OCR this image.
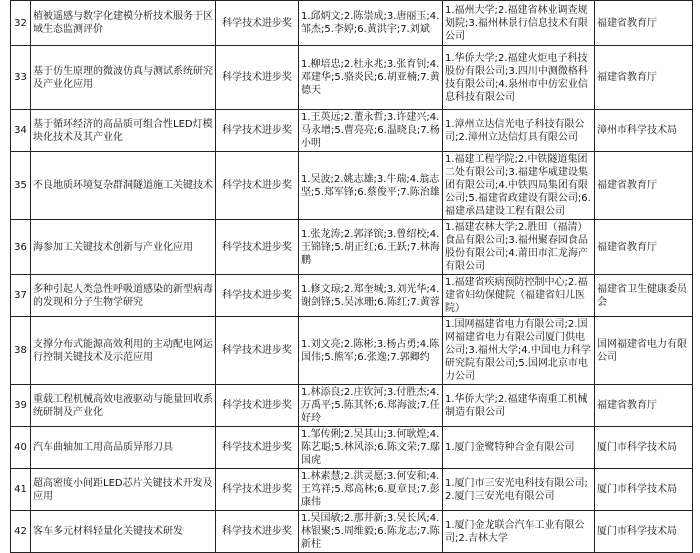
32	植被遥感与数字化建模分析技术服务于区域生态监测评价	科学技术进步奖	1.邱炳文;2.陈崇成;3.唐丽玉;4.邹杰;5.李婷;6.黄洪宇;7.刘斌	1.福州大学;2.福建省林业调查规划院;3.福州林景行信息技术有限公司	福建省教育厅
33	基于仿生原理的微波仿真与测试系统研究及产业化应用	科学技术进步奖	1.柳培忠;2.杜永兆;3.张育钊;4.邓建华;5.骆炎民;6.胡亚楠;7.黄德天	1.华侨大学;2.福建火炬电子科技股份有限公司;3.四川中测微格科技有限公司;4.泉州市中仿宏业信息科技有限公司	福建省教育厅
34	基于循环经济的高品质可组合性LED灯模块化技术及其产业化	科学技术进步奖	1.王英远;2.董永哲;3.许建兴;4.马永增;5.曹亮亮;6.温晓良;7.杨小明	1.漳州立达信光电子科技有限公司;2.漳州立达信灯具有限公司	漳州市科学技术局
35	不良地质环境复杂群洞隧道施工关键技术	科学技术进步奖	1.吴波;2.姚志雄;3.牛瑞;4.翁志坚;5.郑军锋;6.蔡俊平;7.陈治雄	1.福建工程学院;2.中铁隧道集团二处有限公司;3.福建华威建设集团有限公司;4.中铁四局集团有限公司;5.福建省政建设有限公司;6.福建承昌建设工程有限公司	福建省教育厅
36	海参加工关键技术创新与产业化应用	科学技术进步奖	1.张龙涛;2.郭泽镔;3.曾绍校;4.王锦锋;5.胡正红;6.王跃;7.林海鹏	1.福建农林大学;2.胜田（福清）食品有限公司;3.福州聚春园食品股份有限公司;4.莆田市汇龙海产有限公司	福建省教育厅
37	多种引起人类急性呼吸道感染的新型病毒的发现和分子生物学研究	科学技术进步奖	1.修文琼;2.郑奎城;3.刘光华;4.谢剑锋;5.吴冰珊;6.陈红;7.黄蓉	1.福建省疾病预防控制中心;2.福建省妇幼保健院（福建省妇儿医院）	福建省卫生健康委员会
38	支撑分布式能源高效利用的主动配电网运行控制关键技术及示范应用	科学技术进步奖	1.刘文亮;2.陈彬;3.杨占勇;4.陈国伟;5.熊军;6.张逸;7.郭卿约	1.国网福建省电力有限公司;2.国网福建省电力有限公司厦门供电公司;3.福州大学;4.中国电力科学研究院有限公司;5.国网北京市电力公司	国网福建省电力有限公司
39	重载工程机械高效电液驱动与能量回收系统研制及产业化	科学技术进步奖	1.林添良;2.庄钦河;3.付胜杰;4.万禹平;5.陈其怀;6.郑海波;7.任好玲	1.华侨大学;2.福建华南重工机械制造有限公司	福建省教育厅
40	汽车曲轴加工用高品质异形刀具	科学技术进步奖	1.邹传俐;2.吴其山;3.何耿煌;4.陈艺聪;5.林风添;6.陈文荣;7.鄢国虎	1.厦门金鹭特种合金有限公司	厦门市科学技术局
41	超高密度小间距LED芯片关键技术开发及应用	科学技术进步奖	1.林素慧;2.洪灵愿;3.何安和;4.王笃祥;5.郑高林;6.夏章艮;7.彭康伟	1.厦门市三安光电科技有限公司;2.厦门三安光电有限公司	厦门市科学技术局
42	客车多元材料轻量化关键技术研发	科学技术进步奖	1.吴国敏;2.那井新;3.吴长风;4.林银聚;5.周维毅;6.陈龙志;7.陈新柱	1.厦门金龙联合汽车工业有限公司;2.吉林大学	厦门市科学技术局
